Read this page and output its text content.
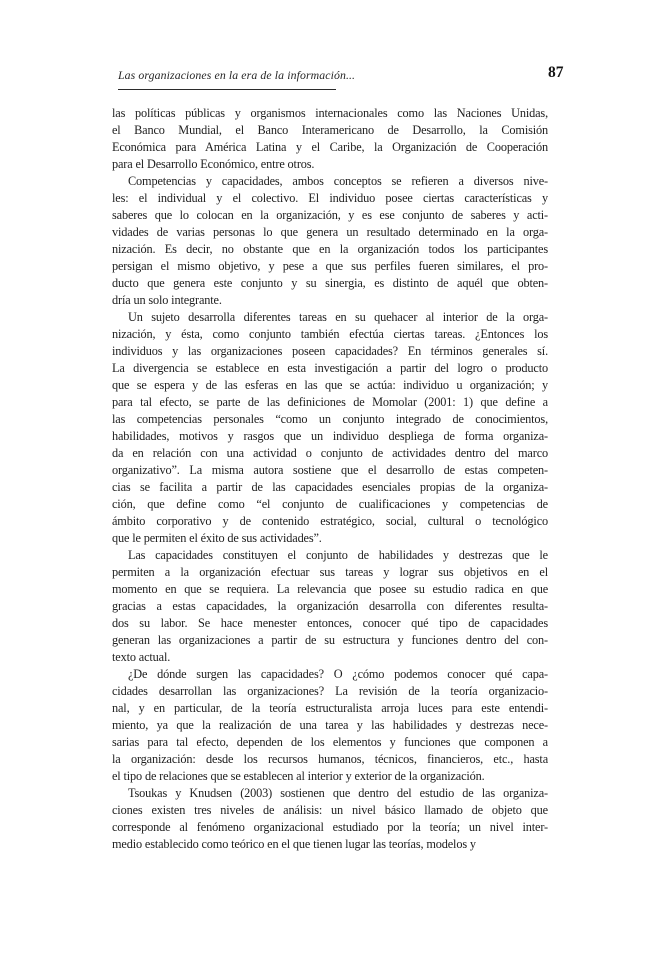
Las organizaciones en la era de la información...	87
las políticas públicas y organismos internacionales como las Naciones Unidas,
el Banco Mundial, el Banco Interamericano de Desarrollo, la Comisión
Económica para América Latina y el Caribe, la Organización de Cooperación
para el Desarrollo Económico, entre otros.
Competencias y capacidades, ambos conceptos se refieren a diversos nive-
les: el individual y el colectivo. El individuo posee ciertas características y
saberes que lo colocan en la organización, y es ese conjunto de saberes y acti-
vidades de varias personas lo que genera un resultado determinado en la orga-
nización. Es decir, no obstante que en la organización todos los participantes
persigan el mismo objetivo, y pese a que sus perfiles fueren similares, el pro-
ducto que genera este conjunto y su sinergia, es distinto de aquél que obten-
dría un solo integrante.
Un sujeto desarrolla diferentes tareas en su quehacer al interior de la orga-
nización, y ésta, como conjunto también efectúa ciertas tareas. ¿Entonces los
individuos y las organizaciones poseen capacidades? En términos generales sí.
La divergencia se establece en esta investigación a partir del logro o producto
que se espera y de las esferas en las que se actúa: individuo u organización; y
para tal efecto, se parte de las definiciones de Momolar (2001: 1) que define a
las competencias personales “como un conjunto integrado de conocimientos,
habilidades, motivos y rasgos que un individuo despliega de forma organiza-
da en relación con una actividad o conjunto de actividades dentro del marco
organizativo”. La misma autora sostiene que el desarrollo de estas competen-
cias se facilita a partir de las capacidades esenciales propias de la organiza-
ción, que define como “el conjunto de cualificaciones y competencias de
ámbito corporativo y de contenido estratégico, social, cultural o tecnológico
que le permiten el éxito de sus actividades”.
Las capacidades constituyen el conjunto de habilidades y destrezas que le
permiten a la organización efectuar sus tareas y lograr sus objetivos en el
momento en que se requiera. La relevancia que posee su estudio radica en que
gracias a estas capacidades, la organización desarrolla con diferentes resulta-
dos su labor. Se hace menester entonces, conocer qué tipo de capacidades
generan las organizaciones a partir de su estructura y funciones dentro del con-
texto actual.
¿De dónde surgen las capacidades? O ¿cómo podemos conocer qué capa-
cidades desarrollan las organizaciones? La revisión de la teoría organizacio-
nal, y en particular, de la teoría estructuralista arroja luces para este entendi-
miento, ya que la realización de una tarea y las habilidades y destrezas nece-
sarias para tal efecto, dependen de los elementos y funciones que componen a
la organización: desde los recursos humanos, técnicos, financieros, etc., hasta
el tipo de relaciones que se establecen al interior y exterior de la organización.
Tsoukas y Knudsen (2003) sostienen que dentro del estudio de las organiza-
ciones existen tres niveles de análisis: un nivel básico llamado de objeto que
corresponde al fenómeno organizacional estudiado por la teoría; un nivel inter-
medio establecido como teórico en el que tienen lugar las teorías, modelos y
